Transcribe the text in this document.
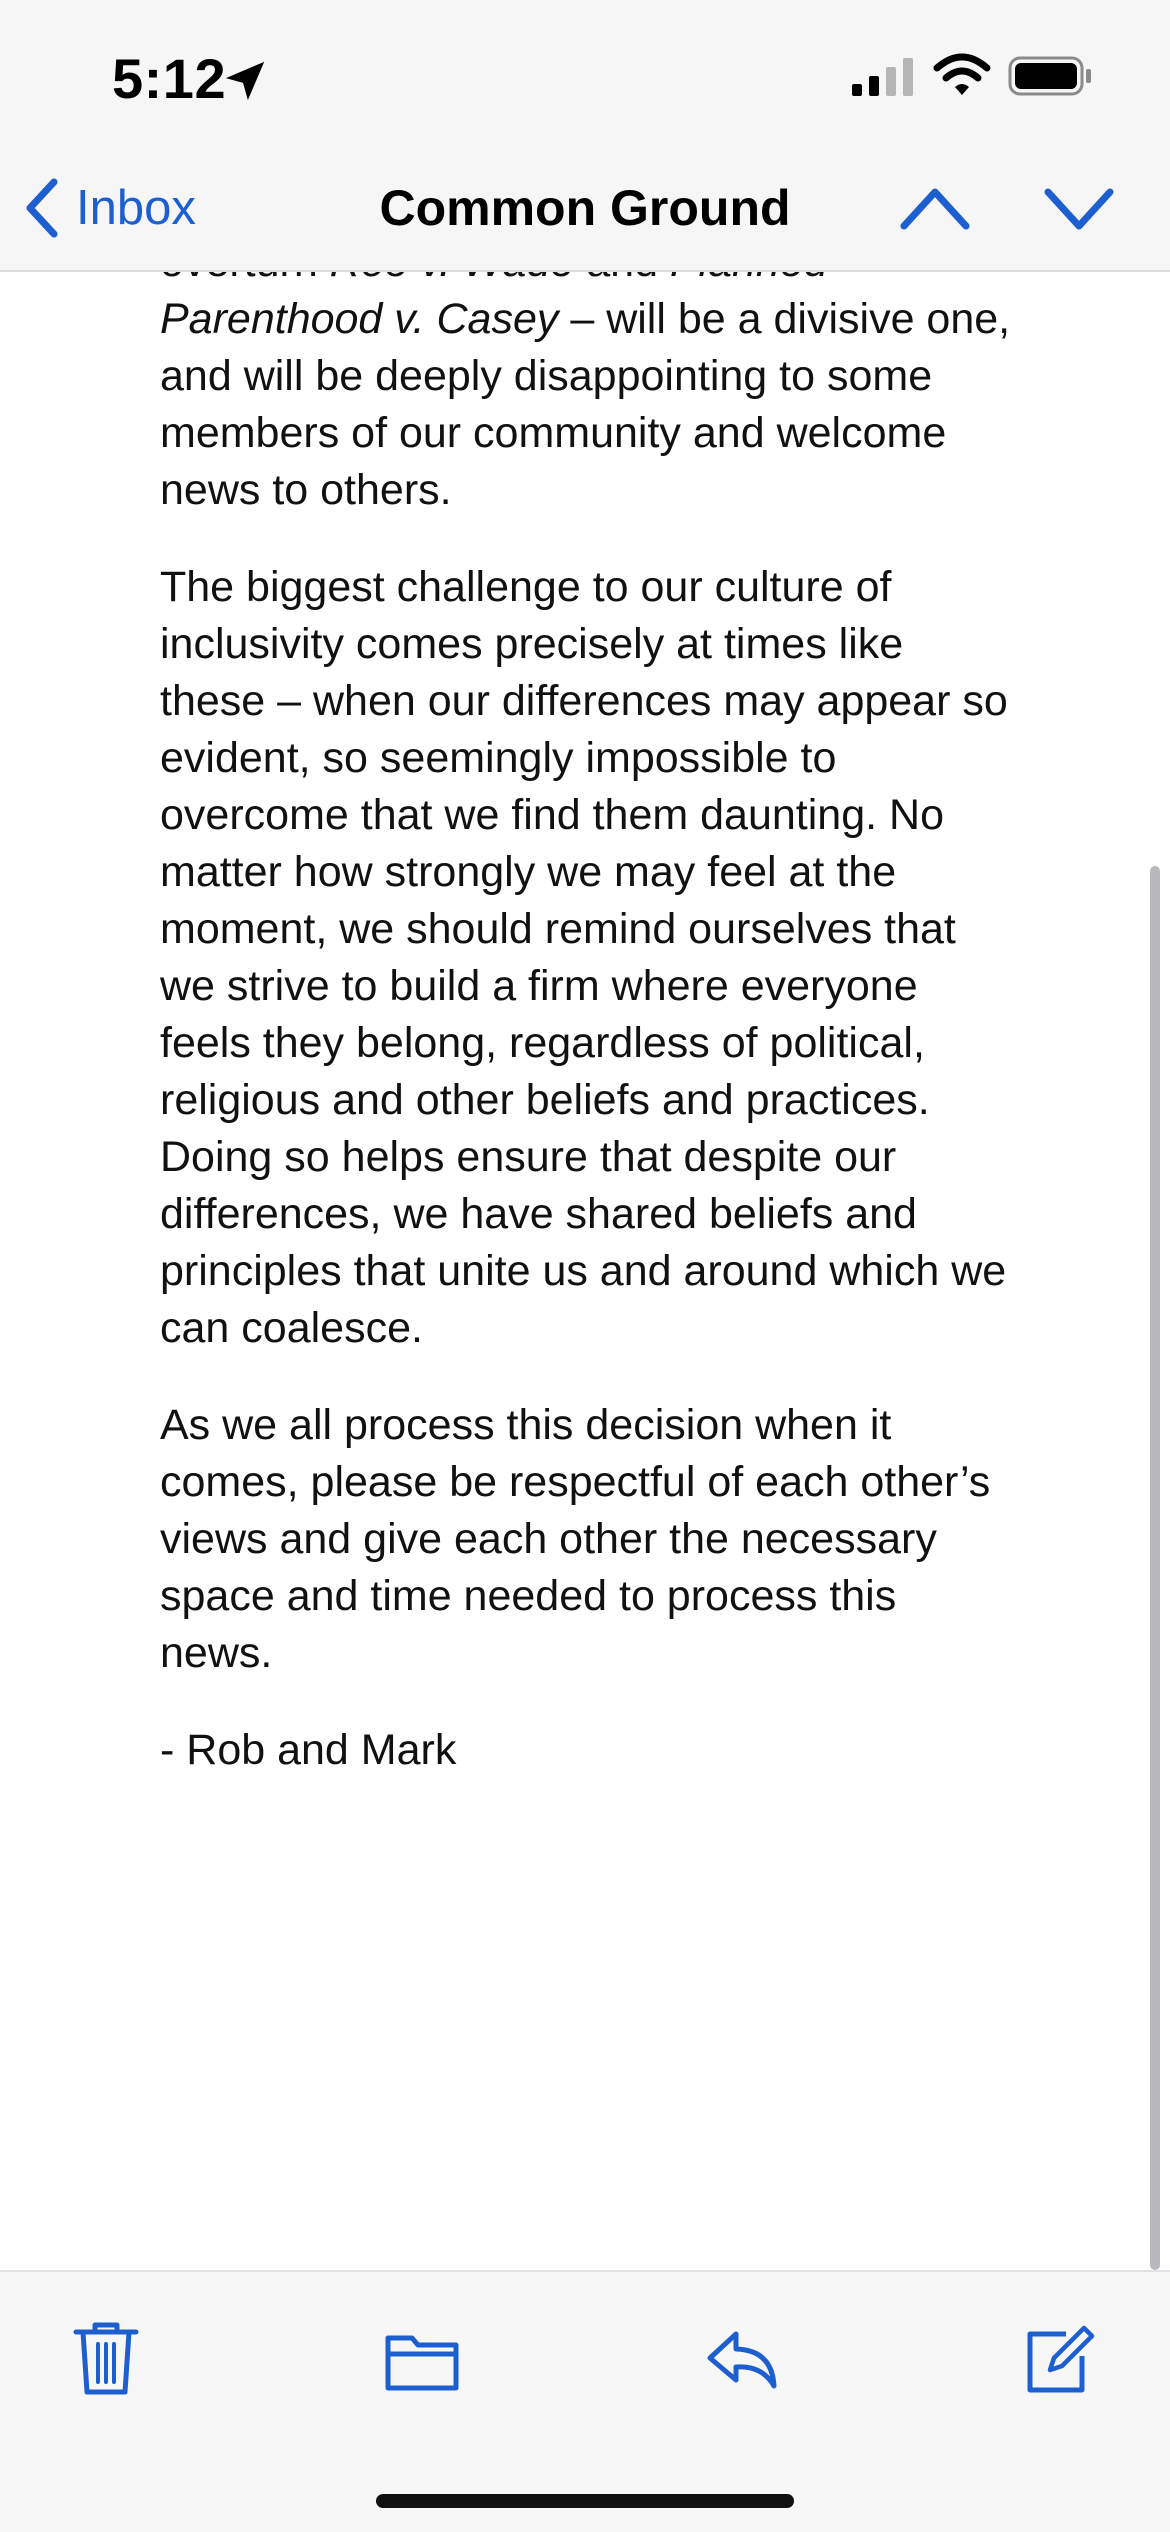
5:12
Inbox	Common Ground

Parenthood v. Casey – will be a divisive one, and will be deeply disappointing to some members of our community and welcome news to others.

The biggest challenge to our culture of inclusivity comes precisely at times like these – when our differences may appear so evident, so seemingly impossible to overcome that we find them daunting. No matter how strongly we may feel at the moment, we should remind ourselves that we strive to build a firm where everyone feels they belong, regardless of political, religious and other beliefs and practices. Doing so helps ensure that despite our differences, we have shared beliefs and principles that unite us and around which we can coalesce.

As we all process this decision when it comes, please be respectful of each other’s views and give each other the necessary space and time needed to process this news.

- Rob and Mark
